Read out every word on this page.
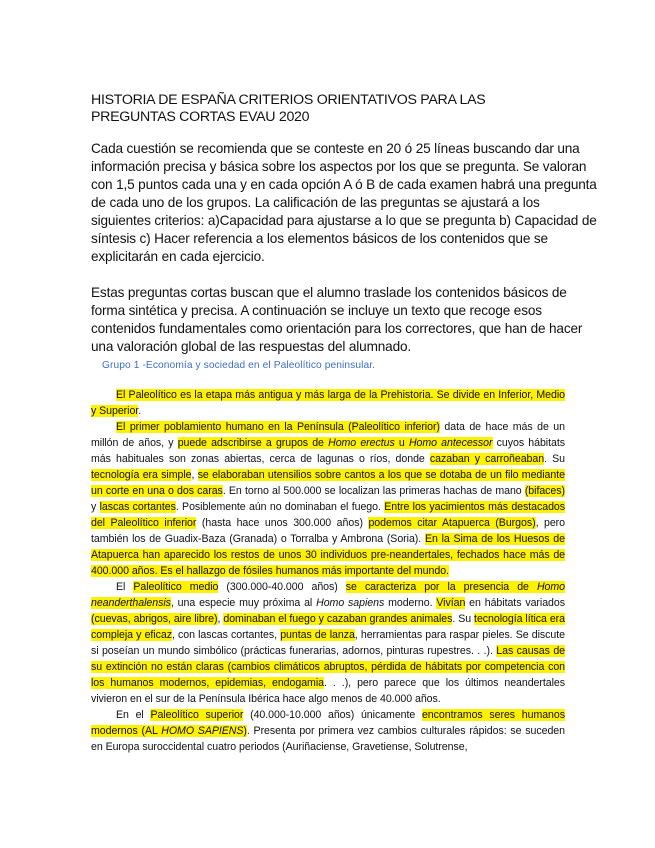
HISTORIA DE ESPAÑA CRITERIOS ORIENTATIVOS PARA LAS
PREGUNTAS CORTAS EVAU 2020

Cada cuestión se recomienda que se conteste en 20 ó 25 líneas buscando dar una información precisa y básica sobre los aspectos por los que se pregunta. Se valoran con 1,5 puntos cada una y en cada opción A ó B de cada examen habrá una pregunta de cada uno de los grupos. La calificación de las preguntas se ajustará a los siguientes criterios: a)Capacidad para ajustarse a lo que se pregunta b) Capacidad de síntesis c) Hacer referencia a los elementos básicos de los contenidos que se explicitarán en cada ejercicio.

Estas preguntas cortas buscan que el alumno traslade los contenidos básicos de forma sintética y precisa. A continuación se incluye un texto que recoge esos contenidos fundamentales como orientación para los correctores, que han de hacer una valoración global de las respuestas del alumnado.

Grupo 1 -Economía y sociedad en el Paleolítico peninsular.

El Paleolítico es la etapa más antigua y más larga de la Prehistoria. Se divide en Inferior, Medio y Superior.

El primer poblamiento humano en la Península (Paleolítico inferior) data de hace más de un millón de años, y puede adscribirse a grupos de Homo erectus u Homo antecessor cuyos hábitats más habituales son zonas abiertas, cerca de lagunas o ríos, donde cazaban y carroñeaban. Su tecnología era simple, se elaboraban utensilios sobre cantos a los que se dotaba de un filo mediante un corte en una o dos caras. En torno al 500.000 se localizan las primeras hachas de mano (bifaces) y lascas cortantes. Posiblemente aún no dominaban el fuego. Entre los yacimientos más destacados del Paleolítico inferior (hasta hace unos 300.000 años) podemos citar Atapuerca (Burgos), pero también los de Guadix-Baza (Granada) o Torralba y Ambrona (Soria). En la Sima de los Huesos de Atapuerca han aparecido los restos de unos 30 individuos pre-neandertales, fechados hace más de 400.000 años. Es el hallazgo de fósiles humanos más importante del mundo.

El Paleolítico medio (300.000-40.000 años) se caracteriza por la presencia de Homo neanderthalensis, una especie muy próxima al Homo sapiens moderno. Vivían en hábitats variados (cuevas, abrigos, aire libre), dominaban el fuego y cazaban grandes animales. Su tecnología lítica era compleja y eficaz, con lascas cortantes, puntas de lanza, herramientas para raspar pieles. Se discute si poseían un mundo simbólico (prácticas funerarias, adornos, pinturas rupestres. . .). Las causas de su extinción no están claras (cambios climáticos abruptos, pérdida de hábitats por competencia con los humanos modernos, epidemias, endogamia. . .), pero parece que los últimos neandertales vivieron en el sur de la Península Ibérica hace algo menos de 40.000 años.

En el Paleolítico superior (40.000-10.000 años) únicamente encontramos seres humanos modernos (AL HOMO SAPIENS). Presenta por primera vez cambios culturales rápidos: se suceden en Europa suroccidental cuatro periodos (Auriñaciense, Gravetiense, Solutrense,
